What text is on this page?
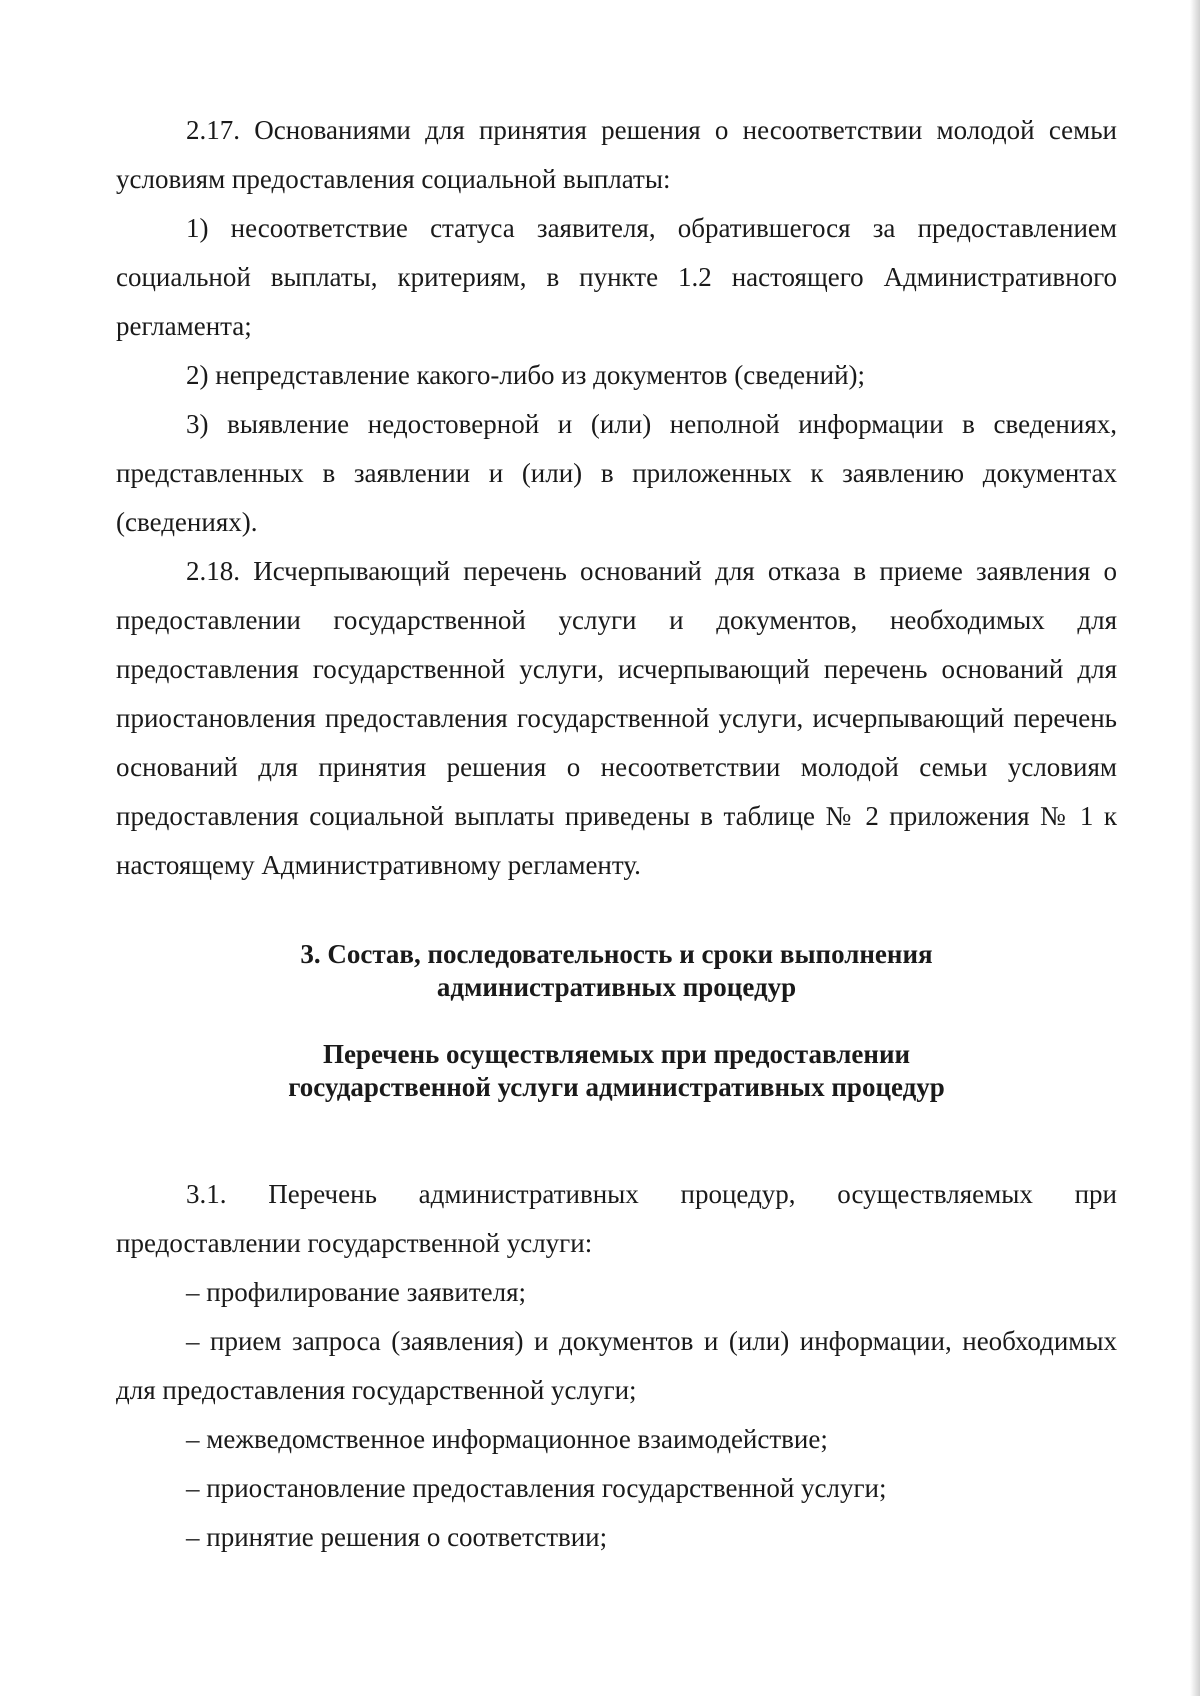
2.17. Основаниями для принятия решения о несоответствии молодой семьи условиям предоставления социальной выплаты:

1) несоответствие статуса заявителя, обратившегося за предоставлением социальной выплаты, критериям, в пункте 1.2 настоящего Административного регламента;

2) непредставление какого-либо из документов (сведений);

3) выявление недостоверной и (или) неполной информации в сведениях, представленных в заявлении и (или) в приложенных к заявлению документах (сведениях).

2.18. Исчерпывающий перечень оснований для отказа в приеме заявления о предоставлении государственной услуги и документов, необходимых для предоставления государственной услуги, исчерпывающий перечень оснований для приостановления предоставления государственной услуги, исчерпывающий перечень оснований для принятия решения о несоответствии молодой семьи условиям предоставления социальной выплаты приведены в таблице № 2 приложения № 1 к настоящему Административному регламенту.

3. Состав, последовательность и сроки выполнения
административных процедур
Перечень осуществляемых при предоставлении
государственной услуги административных процедур

3.1. Перечень административных процедур, осуществляемых при предоставлении государственной услуги:

– профилирование заявителя;

– прием запроса (заявления) и документов и (или) информации, необходимых для предоставления государственной услуги;

– межведомственное информационное взаимодействие;

– приостановление предоставления государственной услуги;

– принятие решения о соответствии;
